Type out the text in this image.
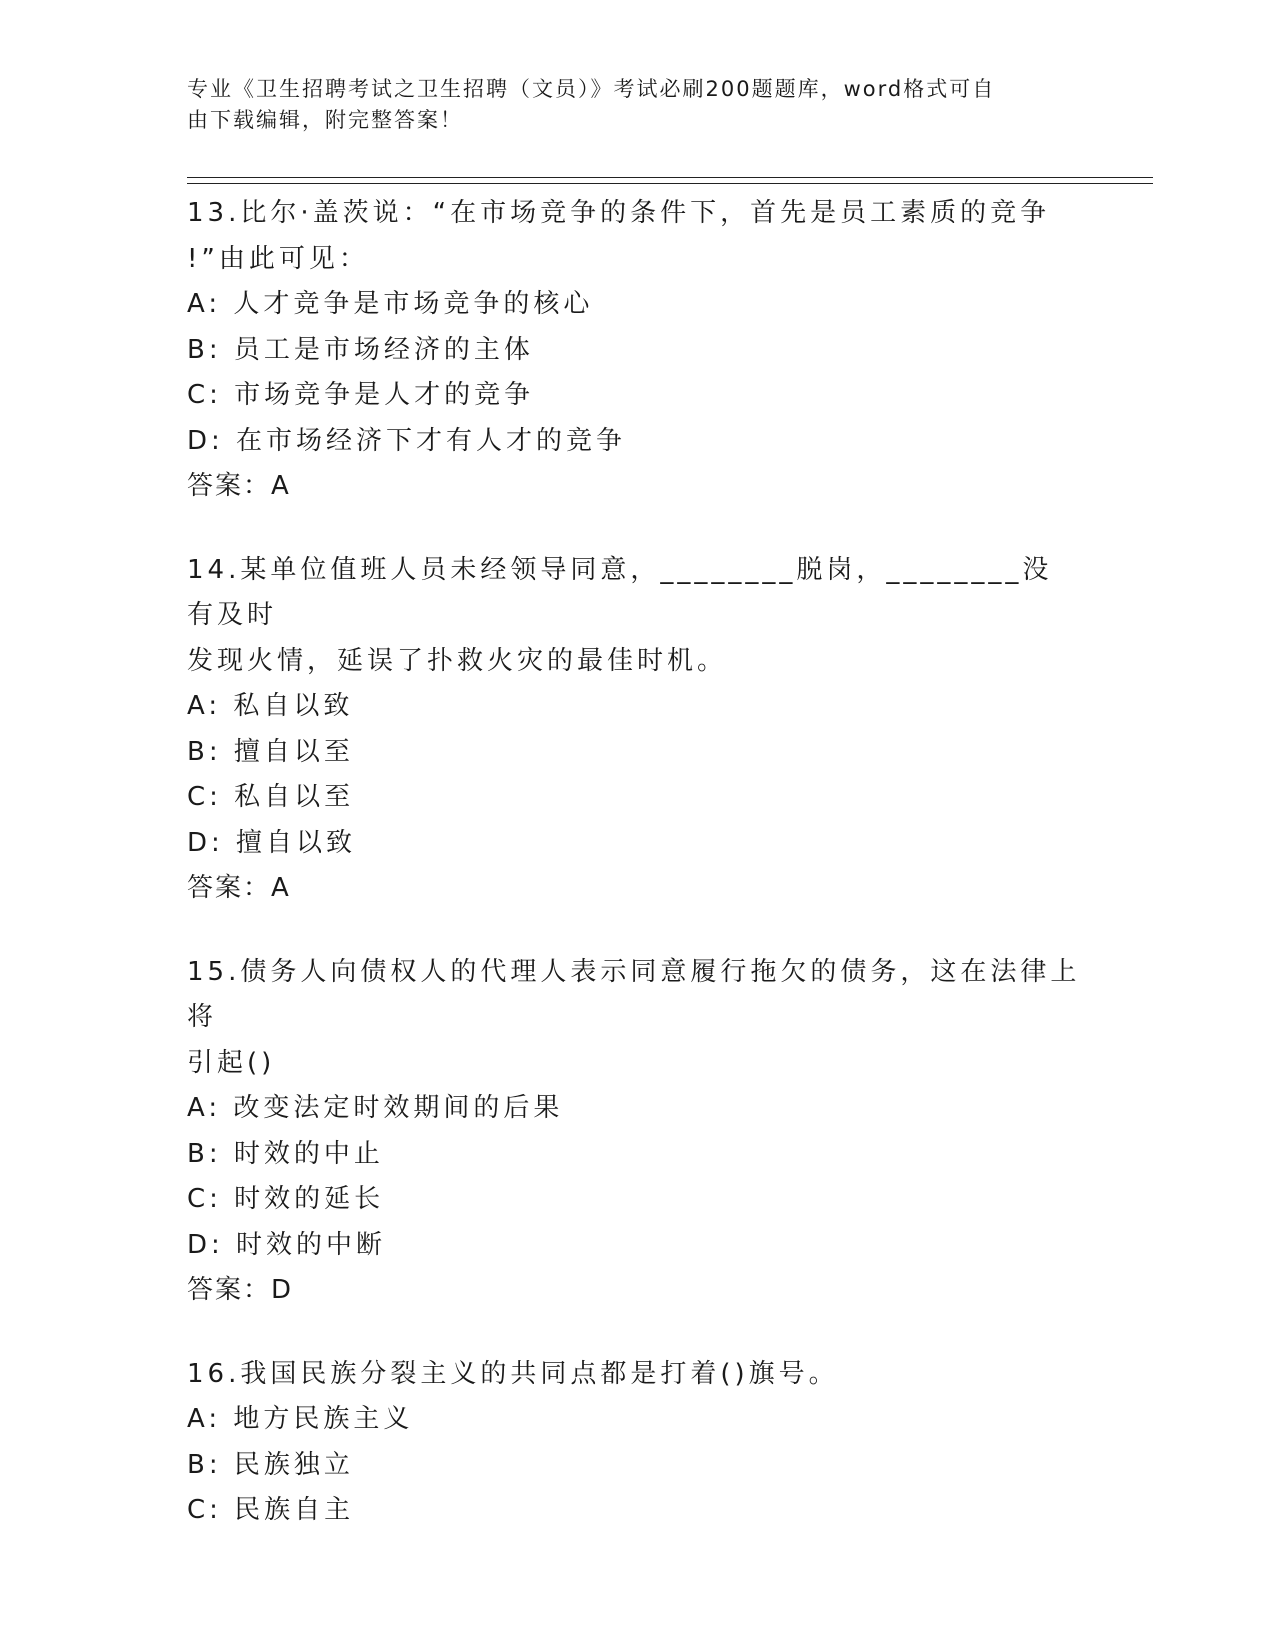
专业《卫生招聘考试之卫生招聘（文员）》考试必刷200题题库，word格式可自
由下载编辑，附完整答案！
13.比尔·盖茨说：“在市场竞争的条件下，首先是员工素质的竞争
!”由此可见：
A: 人才竞争是市场竞争的核心
B: 员工是市场经济的主体
C: 市场竞争是人才的竞争
D: 在市场经济下才有人才的竞争
答案：A
14.某单位值班人员未经领导同意，________脱岗，________没有及时
发现火情，延误了扑救火灾的最佳时机。
A: 私自以致
B: 擅自以至
C: 私自以至
D: 擅自以致
答案：A
15.债务人向债权人的代理人表示同意履行拖欠的债务，这在法律上将
引起()
A: 改变法定时效期间的后果
B: 时效的中止
C: 时效的延长
D: 时效的中断
答案：D
16.我国民族分裂主义的共同点都是打着()旗号。
A: 地方民族主义
B: 民族独立
C: 民族自主
